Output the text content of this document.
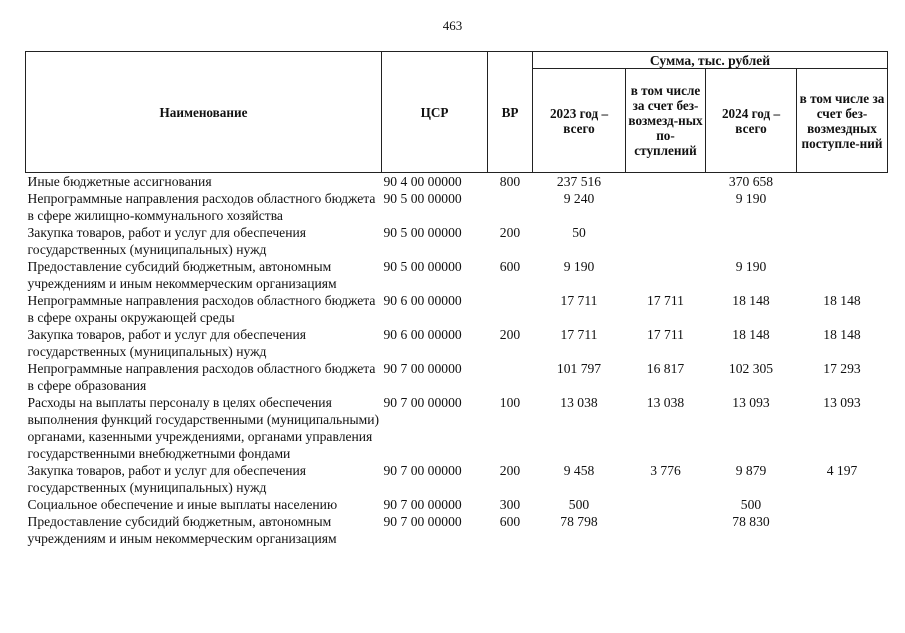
463
Наименование	ЦСР	ВР	Сумма, тыс. рублей			
			2023 год – всего	в том числе за счет без-возмезд-ных по-ступлений	2024 год – всего	в том числе за счет без-возмездных поступле-ний
Иные бюджетные ассигнования	90 4 00 00000	800	237 516		370 658	
Непрограммные направления расходов областного бюджета в сфере жилищно-коммунального хозяйства	90 5 00 00000		9 240		9 190	
Закупка товаров, работ и услуг для обеспечения государственных (муниципальных) нужд	90 5 00 00000	200	50			
Предоставление субсидий бюджетным, автономным учреждениям и иным некоммерческим организациям	90 5 00 00000	600	9 190		9 190	
Непрограммные направления расходов областного бюджета в сфере охраны окружающей среды	90 6 00 00000		17 711	17 711	18 148	18 148
Закупка товаров, работ и услуг для обеспечения государственных (муниципальных) нужд	90 6 00 00000	200	17 711	17 711	18 148	18 148
Непрограммные направления расходов областного бюджета в сфере образования	90 7 00 00000		101 797	16 817	102 305	17 293
Расходы на выплаты персоналу в целях обеспечения выполнения функций государственными (муниципальными) органами, казенными учреждениями, органами управления государственными внебюджетными фондами	90 7 00 00000	100	13 038	13 038	13 093	13 093
Закупка товаров, работ и услуг для обеспечения государственных (муниципальных) нужд	90 7 00 00000	200	9 458	3 776	9 879	4 197
Социальное обеспечение и иные выплаты населению	90 7 00 00000	300	500		500	
Предоставление субсидий бюджетным, автономным учреждениям и иным некоммерческим организациям	90 7 00 00000	600	78 798		78 830	
